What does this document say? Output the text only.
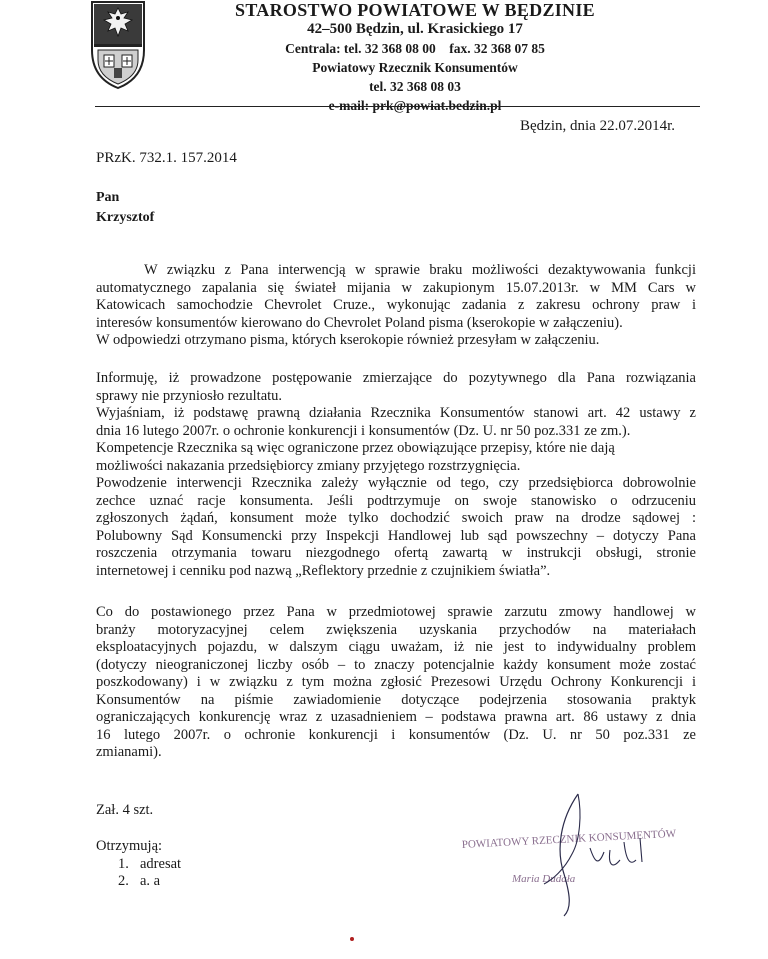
STAROSTWO POWIATOWE W BĘDZINIE
42–500 Będzin, ul. Krasickiego 17
Centrala: tel. 32 368 08 00    fax. 32 368 07 85
Powiatowy Rzecznik Konsumentów
tel. 32 368 08 03
e-mail: prk@powiat.bedzin.pl
Będzin, dnia 22.07.2014r.
PRzK. 732.1. 157.2014
Pan
Krzysztof
W związku z Pana interwencją w sprawie braku możliwości dezaktywowania funkcji
automatycznego zapalania się świateł mijania w zakupionym 15.07.2013r. w MM Cars w
Katowicach samochodzie Chevrolet Cruze., wykonując zadania z zakresu ochrony praw i
interesów konsumentów kierowano do Chevrolet Poland pisma (kserokopie w załączeniu).
W odpowiedzi otrzymano pisma, których kserokopie również przesyłam w załączeniu.
Informuję, iż prowadzone postępowanie zmierzające do pozytywnego dla Pana rozwiązania
sprawy nie przyniosło rezultatu.
Wyjaśniam, iż podstawę prawną działania Rzecznika Konsumentów stanowi art. 42 ustawy z
dnia 16 lutego 2007r. o ochronie konkurencji i konsumentów (Dz. U. nr 50 poz.331 ze zm.).
Kompetencje Rzecznika są więc ograniczone przez obowiązujące przepisy, które nie dają
możliwości nakazania przedsiębiorcy zmiany przyjętego rozstrzygnięcia.
Powodzenie interwencji Rzecznika zależy wyłącznie od tego, czy przedsiębiorca dobrowolnie
zechce uznać racje konsumenta. Jeśli podtrzymuje on swoje stanowisko o odrzuceniu
zgłoszonych żądań, konsument może tylko dochodzić swoich praw na drodze sądowej :
Polubowny Sąd Konsumencki przy Inspekcji Handlowej lub sąd powszechny – dotyczy Pana
roszczenia otrzymania towaru niezgodnego ofertą zawartą w instrukcji obsługi, stronie
internetowej i cenniku pod nazwą „Reflektory przednie z czujnikiem światła”.
Co do postawionego przez Pana w przedmiotowej sprawie zarzutu zmowy handlowej w
branży motoryzacyjnej celem zwiększenia uzyskania przychodów na materiałach
eksploatacyjnych pojazdu, w dalszym ciągu uważam, iż nie jest to indywidualny problem
(dotyczy nieograniczonej liczby osób – to znaczy potencjalnie każdy konsument może zostać
poszkodowany) i w związku z tym można zgłosić Prezesowi Urzędu Ochrony Konkurencji i
Konsumentów na piśmie zawiadomienie dotyczące podejrzenia stosowania praktyk
ograniczających konkurencję wraz z uzasadnieniem – podstawa prawna art. 86 ustawy z dnia
16 lutego 2007r. o ochronie konkurencji i konsumentów (Dz. U. nr 50 poz.331 ze
zmianami).
Zał. 4 szt.
Otrzymują:
1. adresat
2. a. a
POWIATOWY RZECZNIK KONSUMENTÓW
Maria Dudała
